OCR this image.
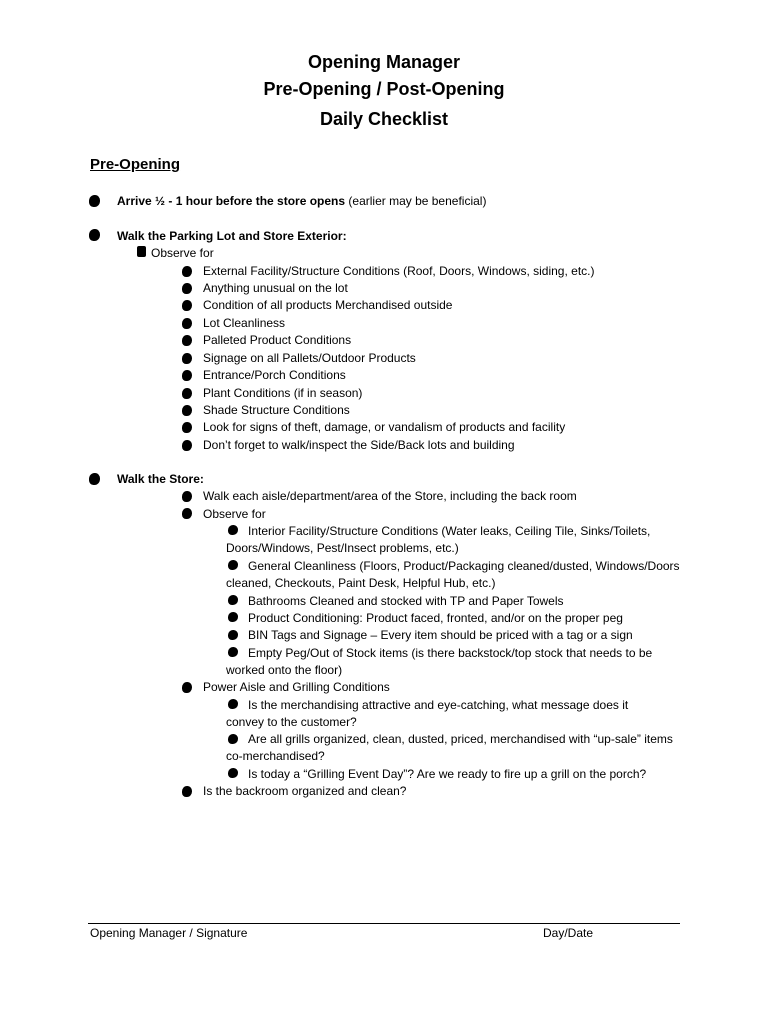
Opening Manager
Pre-Opening / Post-Opening
Daily Checklist
Pre-Opening
Arrive ½ - 1 hour before the store opens (earlier may be beneficial)
Walk the Parking Lot and Store Exterior:
Observe for
External Facility/Structure Conditions (Roof, Doors, Windows, siding, etc.)
Anything unusual on the lot
Condition of all products Merchandised outside
Lot Cleanliness
Palleted Product Conditions
Signage on all Pallets/Outdoor Products
Entrance/Porch Conditions
Plant Conditions (if in season)
Shade Structure Conditions
Look for signs of theft, damage, or vandalism of products and facility
Don’t forget to walk/inspect the Side/Back lots and building
Walk the Store:
Walk each aisle/department/area of the Store, including the back room
Observe for
Interior Facility/Structure Conditions (Water leaks, Ceiling Tile, Sinks/Toilets, Doors/Windows, Pest/Insect problems, etc.)
General Cleanliness (Floors, Product/Packaging cleaned/dusted, Windows/Doors cleaned, Checkouts, Paint Desk, Helpful Hub, etc.)
Bathrooms Cleaned and stocked with TP and Paper Towels
Product Conditioning: Product faced, fronted, and/or on the proper peg
BIN Tags and Signage – Every item should be priced with a tag or a sign
Empty Peg/Out of Stock items (is there backstock/top stock that needs to be worked onto the floor)
Power Aisle and Grilling Conditions
Is the merchandising attractive and eye-catching, what message does it convey to the customer?
Are all grills organized, clean, dusted, priced, merchandised with “up-sale” items co-merchandised?
Is today a “Grilling Event Day”? Are we ready to fire up a grill on the porch?
Is the backroom organized and clean?
Opening Manager / Signature	Day/Date
